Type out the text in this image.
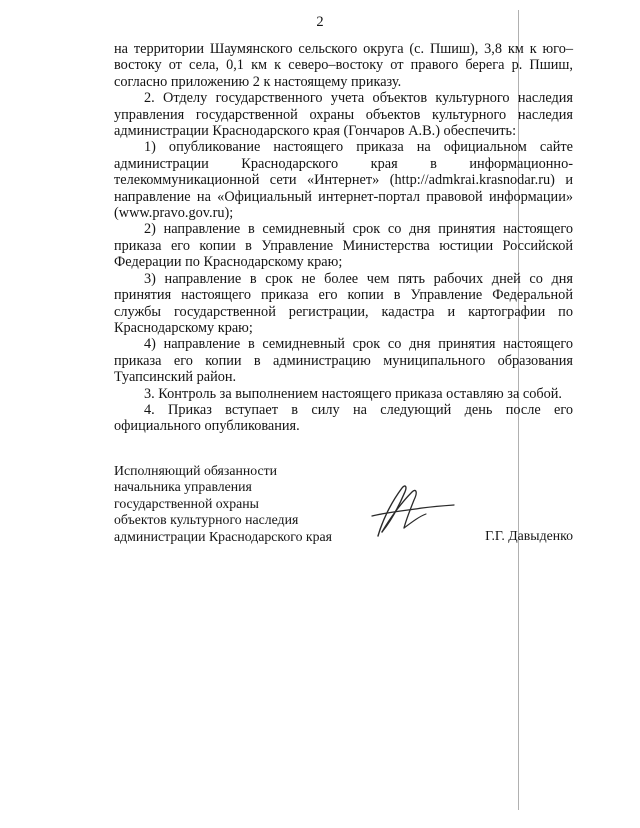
2

на территории Шаумянского сельского округа (с. Пшиш), 3,8 км к юго–востоку от села, 0,1 км к северо–востоку от правого берега р. Пшиш, согласно приложению 2 к настоящему приказу.

2. Отделу государственного учета объектов культурного наследия управления государственной охраны объектов культурного наследия администрации Краснодарского края (Гончаров А.В.) обеспечить:

1) опубликование настоящего приказа на официальном сайте администрации Краснодарского края в информационно-телекоммуникационной сети «Интернет» (http://admkrai.krasnodar.ru) и направление на «Официальный интернет-портал правовой информации» (www.pravo.gov.ru);

2) направление в семидневный срок со дня принятия настоящего приказа его копии в Управление Министерства юстиции Российской Федерации по Краснодарскому краю;

3) направление в срок не более чем пять рабочих дней со дня принятия настоящего приказа его копии в Управление Федеральной службы государственной регистрации, кадастра и картографии по Краснодарскому краю;

4) направление в семидневный срок со дня принятия настоящего приказа его копии в администрацию муниципального образования Туапсинский район.

3. Контроль за выполнением настоящего приказа оставляю за собой.

4. Приказ вступает в силу на следующий день после его официального опубликования.

Исполняющий обязанности
начальника управления
государственной охраны
объектов культурного наследия
администрации Краснодарского края	Г.Г. Давыденко
